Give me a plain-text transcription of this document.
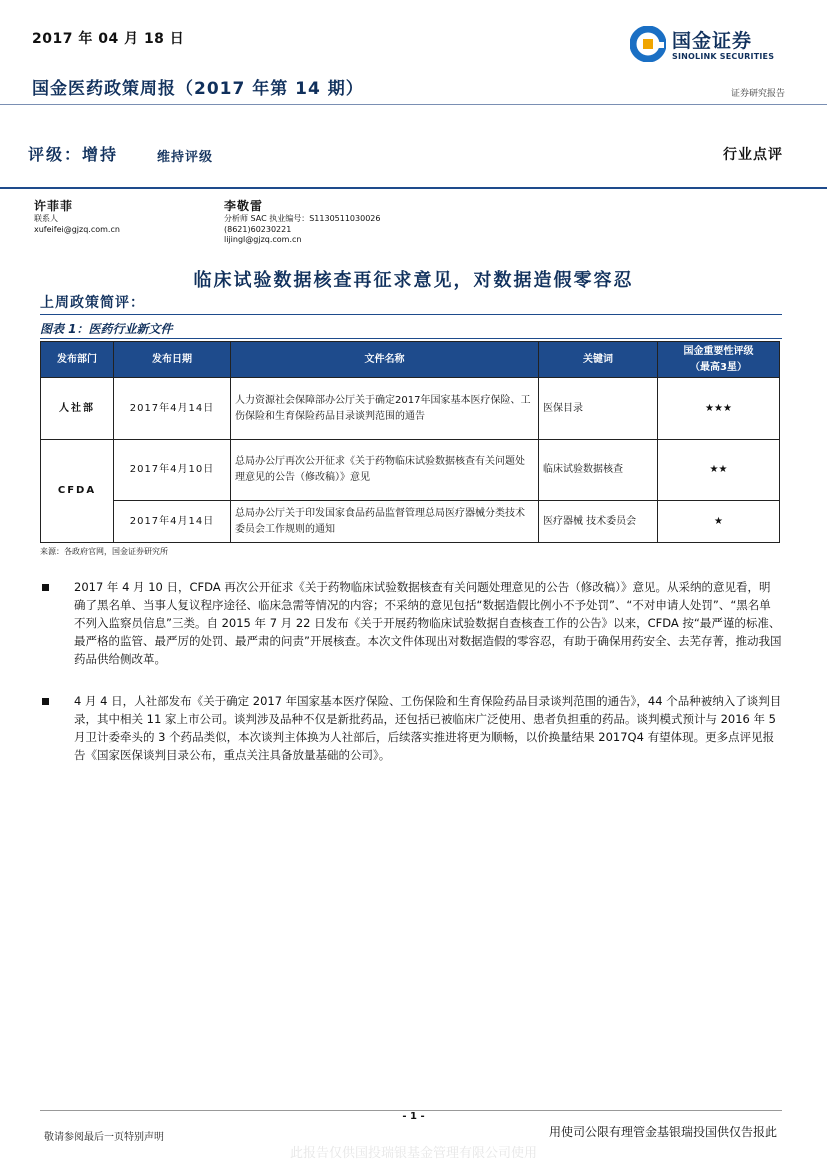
2017 年 04 月 18 日	国金证券
SINOLINK SECURITIES
国金医药政策周报（2017 年第 14 期）	证券研究报告
评级：增持	维持评级	行业点评
许菲菲
联系人
xufeifei@gjzq.com.cn
李敬雷
分析师 SAC 执业编号：S1130511030026
(8621)60230221
lijingl@gjzq.com.cn
临床试验数据核查再征求意见，对数据造假零容忍
上周政策简评：
图表 1：医药行业新文件
发布部门	发布日期	文件名称	关键词	国金重要性评级
（最高3星）

人社部	2017年4月14日	人力资源社会保障部办公厅关于确定2017年国家基本医疗保险、工伤保险和生育保险药品目录谈判范围的通告	医保目录	★★★
CFDA	2017年4月10日	总局办公厅再次公开征求《关于药物临床试验数据核查有关问题处理意见的公告（修改稿）》意见	临床试验数据核查	★★
	2017年4月14日	总局办公厅关于印发国家食品药品监督管理总局医疗器械分类技术委员会工作规则的通知	医疗器械 技术委员会	★
来源：各政府官网，国金证券研究所
2017 年 4 月 10 日，CFDA 再次公开征求《关于药物临床试验数据核查有关问题处理意见的公告（修改稿）》意见。从采纳的意见看，明确了黑名单、当事人复议程序途径、临床急需等情况的内容；不采纳的意见包括“数据造假比例小不予处罚”、“不对申请人处罚”、“黑名单不列入监察员信息”三类。自 2015 年 7 月 22 日发布《关于开展药物临床试验数据自查核查工作的公告》以来，CFDA 按“最严谨的标准、最严格的监管、最严厉的处罚、最严肃的问责”开展核查。本次文件体现出对数据造假的零容忍，有助于确保用药安全、去芜存菁，推动我国药品供给侧改革。
4 月 4 日，人社部发布《关于确定 2017 年国家基本医疗保险、工伤保险和生育保险药品目录谈判范围的通告》，44 个品种被纳入了谈判目录，其中相关 11 家上市公司。谈判涉及品种不仅是新批药品，还包括已被临床广泛使用、患者负担重的药品。谈判模式预计与 2016 年 5 月卫计委牵头的 3 个药品类似，本次谈判主体换为人社部后，后续落实推进将更为顺畅，以价换量结果 2017Q4 有望体现。更多点评见报告《国家医保谈判目录公布，重点关注具备放量基础的公司》。
- 1 -
敬请参阅最后一页特别声明	用使司公限有理管金基银瑞投国供仅告报此
此报告仅供国投瑞银基金管理有限公司使用
